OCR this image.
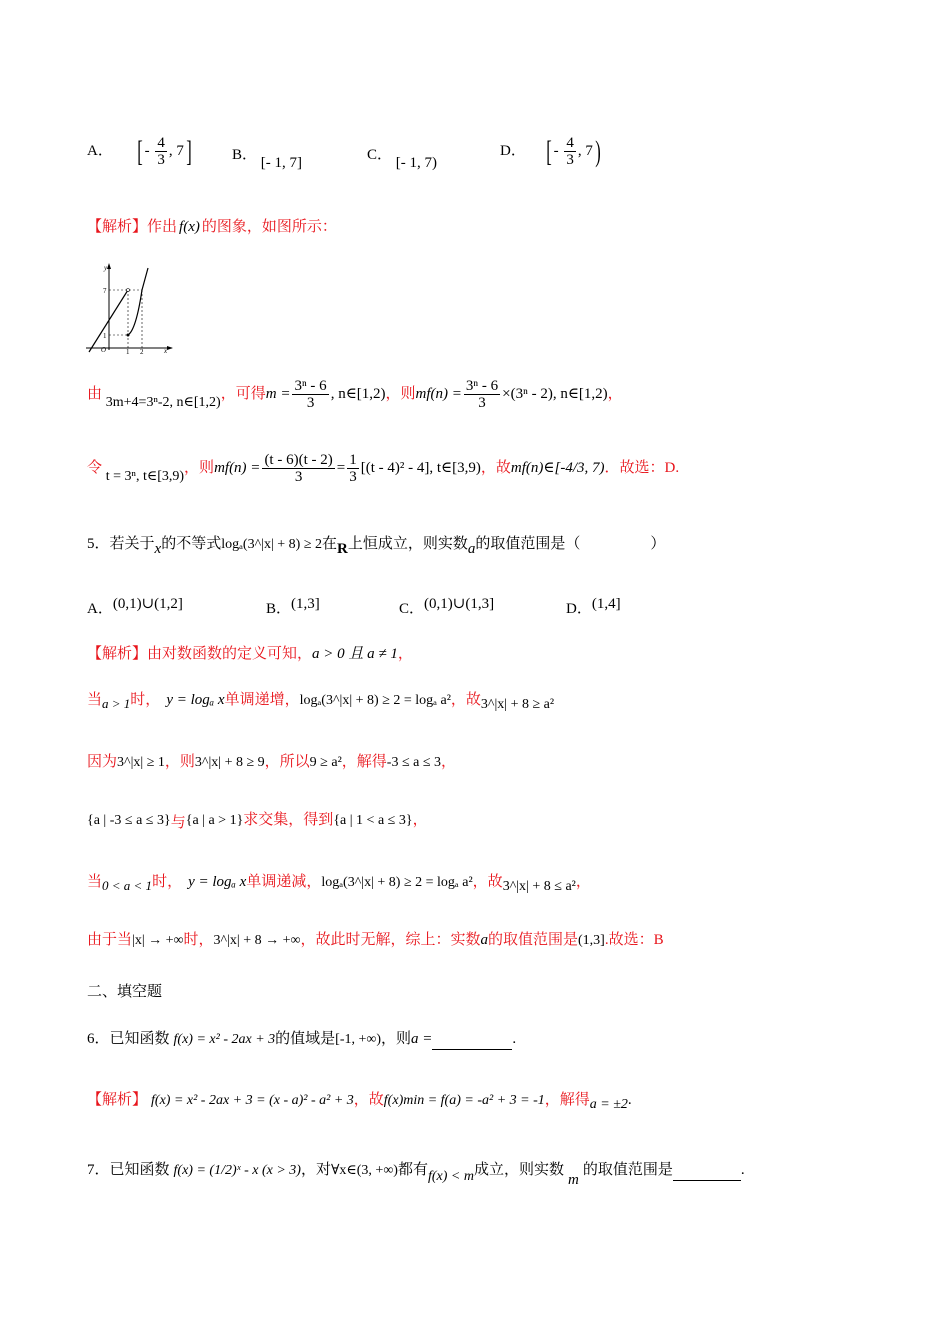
A． [ - $\frac{4}{3}$ , 7]	B． [- 1, 7]	C． [- 1, 7)
D． [ - $\frac{4}{3}$ , 7)
【解析】作出 f(x) 的图象，如图所示：
y
x
O
7
1
1 2
由 3m+4=3ⁿ-2, n∈[1,2)，可得$m = \frac{\text{3ⁿ - 6}}{3}$ , n∈[1,2)，则$mf(n) = \frac{\text{3ⁿ - 6}}{3} \times(3^n - 2)$, n∈[1,2)，
令 t = 3ⁿ, t∈[3,9)，则$mf(n) = \frac{(t - 6)(t - 2)}{3} = \frac{1}{3} [(t - 4)^2 - 4]$, t∈[3,9)，故mf(n)∈[-4/3, 7)．故选：D.
5．若关于x的不等式logₐ(3^|x| + 8) ≥ 2在R上恒成立，则实数a的取值范围是（	）
A．(0,1)∪(1,2]	B．(1,3]	C．(0,1)∪(1,3]	D．(1,4]
【解析】由对数函数的定义可知，a > 0 且 a ≠ 1，
当a > 1时， y = logₐ x单调递增，logₐ(3^|x| + 8) ≥ 2 = logₐ a²，故3^|x| + 8 ≥ a²
因为3^|x| ≥ 1，则3^|x| + 8 ≥ 9，所以9 ≥ a²，解得-3 ≤ a ≤ 3，
{a | -3 ≤ a ≤ 3}与{a | a > 1}求交集，得到{a | 1 < a ≤ 3}，
当0 < a < 1时， y = logₐ x单调递减，logₐ(3^|x| + 8) ≥ 2 = logₐ a²，故3^|x| + 8 ≤ a²，
由于当|x| → +∞时，3^|x| + 8 → +∞，故此时无解，综上：实数a的取值范围是(1,3].故选：B
二、填空题
6．已知函数 f(x) = x² - 2ax + 3的值域是[-1, +∞)，则a =	.
【解析】 f(x) = x² - 2ax + 3 = (x - a)² - a² + 3，故f(x)min = f(a) = -a² + 3 = -1，解得a = ±2.
7．已知函数 f(x) = (1/2)ˣ - x (x > 3)，对∀x∈(3, +∞)都有f(x) < m成立，则实数m的取值范围是	.
